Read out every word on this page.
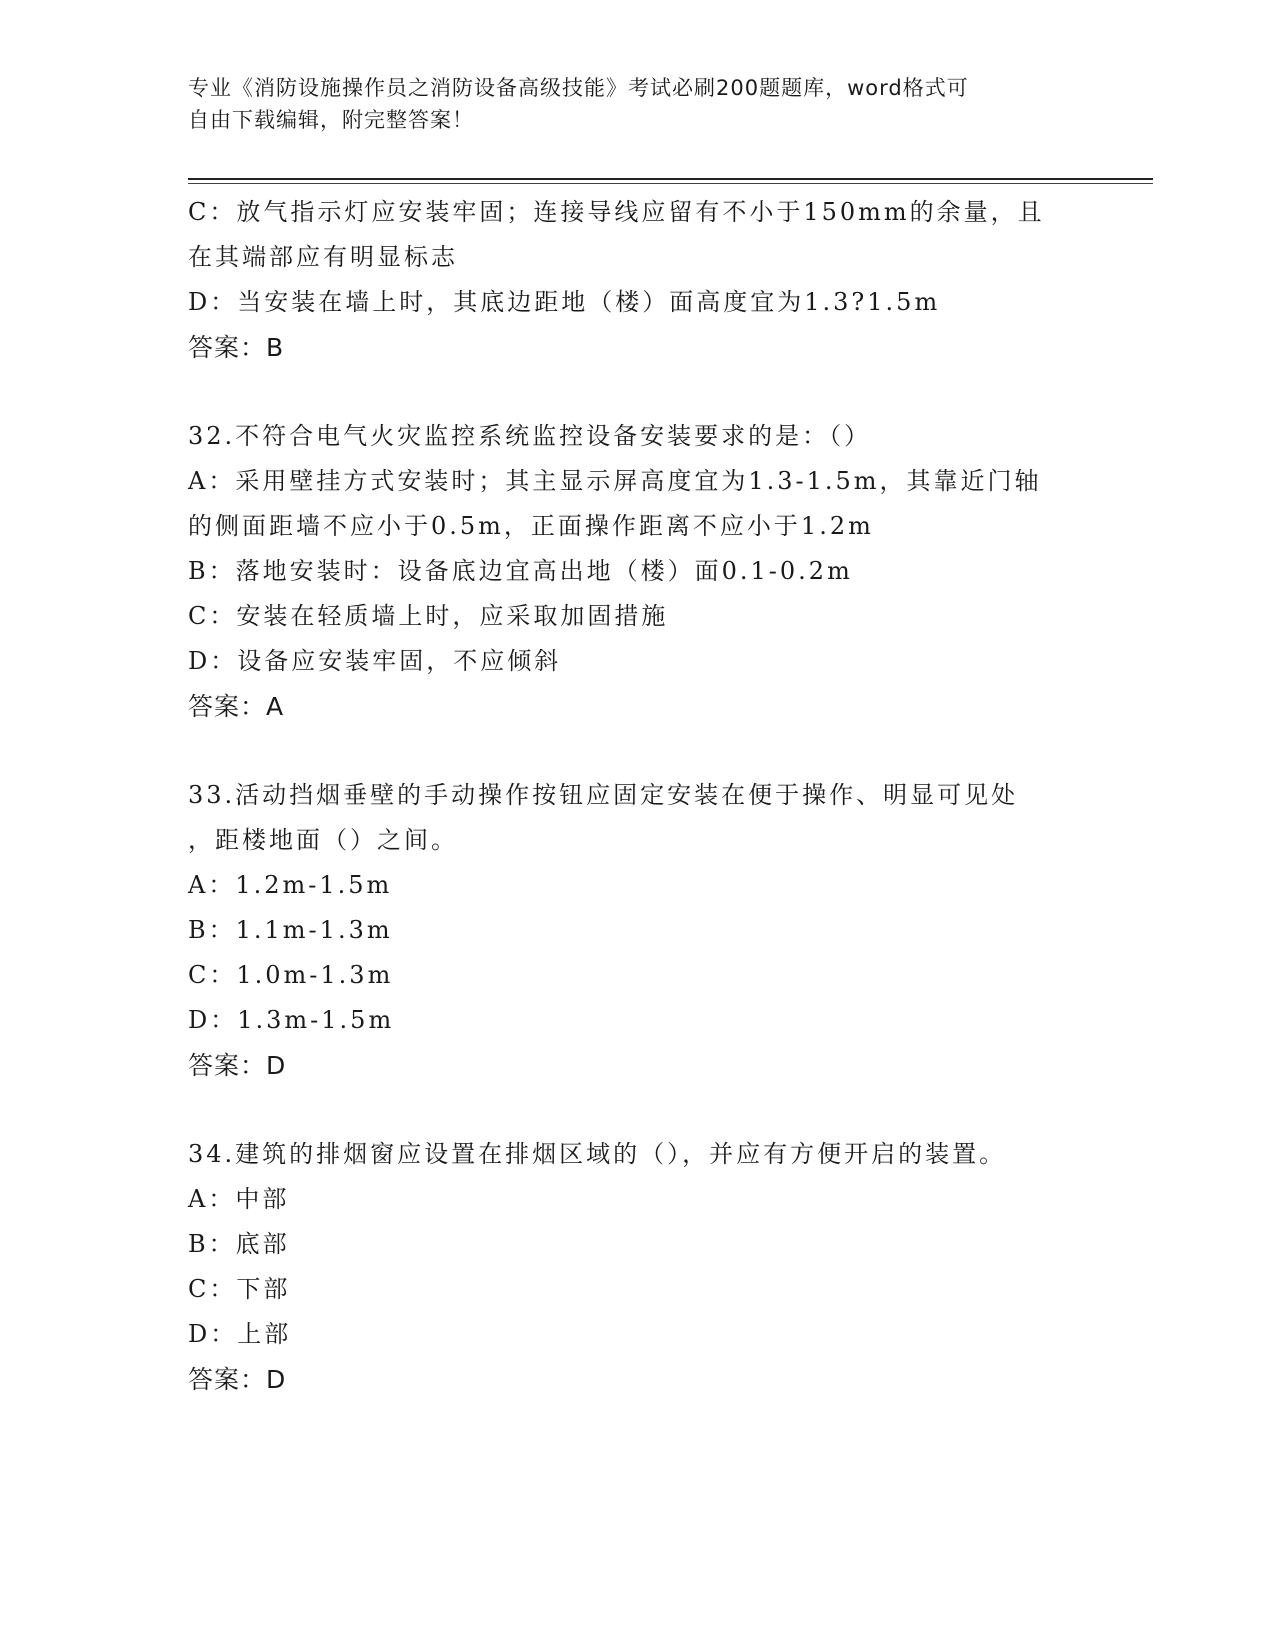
专业《消防设施操作员之消防设备高级技能》考试必刷200题题库，word格式可
自由下载编辑，附完整答案！
C：放气指示灯应安装牢固；连接导线应留有不小于150mm的余量，且
在其端部应有明显标志
D：当安装在墙上时，其底边距地（楼）面高度宜为1.3?1.5m
答案：B
32.不符合电气火灾监控系统监控设备安装要求的是：（）
A：采用壁挂方式安装时；其主显示屏高度宜为1.3-1.5m，其靠近门轴
的侧面距墙不应小于0.5m，正面操作距离不应小于1.2m
B：落地安装时：设备底边宜高出地（楼）面0.1-0.2m
C：安装在轻质墙上时，应采取加固措施
D：设备应安装牢固，不应倾斜
答案：A
33.活动挡烟垂壁的手动操作按钮应固定安装在便于操作、明显可见处
，距楼地面（）之间。
A：1.2m-1.5m
B：1.1m-1.3m
C：1.0m-1.3m
D：1.3m-1.5m
答案：D
34.建筑的排烟窗应设置在排烟区域的（），并应有方便开启的装置。
A：中部
B：底部
C：下部
D：上部
答案：D
